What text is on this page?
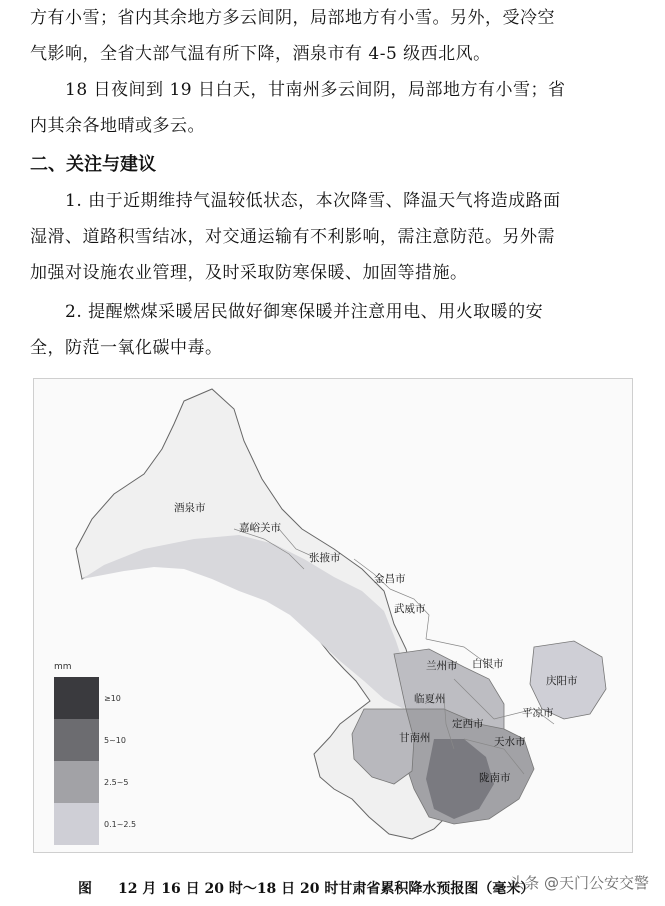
方有小雪；省内其余地方多云间阴，局部地方有小雪。另外，受冷空
气影响，全省大部气温有所下降，酒泉市有 4-5 级西北风。
　　18 日夜间到 19 日白天，甘南州多云间阴，局部地方有小雪；省
内其余各地晴或多云。
二、关注与建议
　　1. 由于近期维持气温较低状态，本次降雪、降温天气将造成路面
湿滑、道路积雪结冰，对交通运输有不利影响，需注意防范。另外需
加强对设施农业管理，及时采取防寒保暖、加固等措施。
　　2. 提醒燃煤采暖居民做好御寒保暖并注意用电、用火取暖的安
全，防范一氧化碳中毒。
酒泉市
嘉峪关市
张掖市
金昌市
武威市
兰州市 白银市
庆阳市
临夏州
定西市
平凉市
甘南州	天水市
陇南市
mm
≥10
5~10
2.5~5
0.1~2.5
图 12 月 16 日 20 时～18 日 20 时甘肃省累积降水预报图（毫米）
头条 @天门公安交警
